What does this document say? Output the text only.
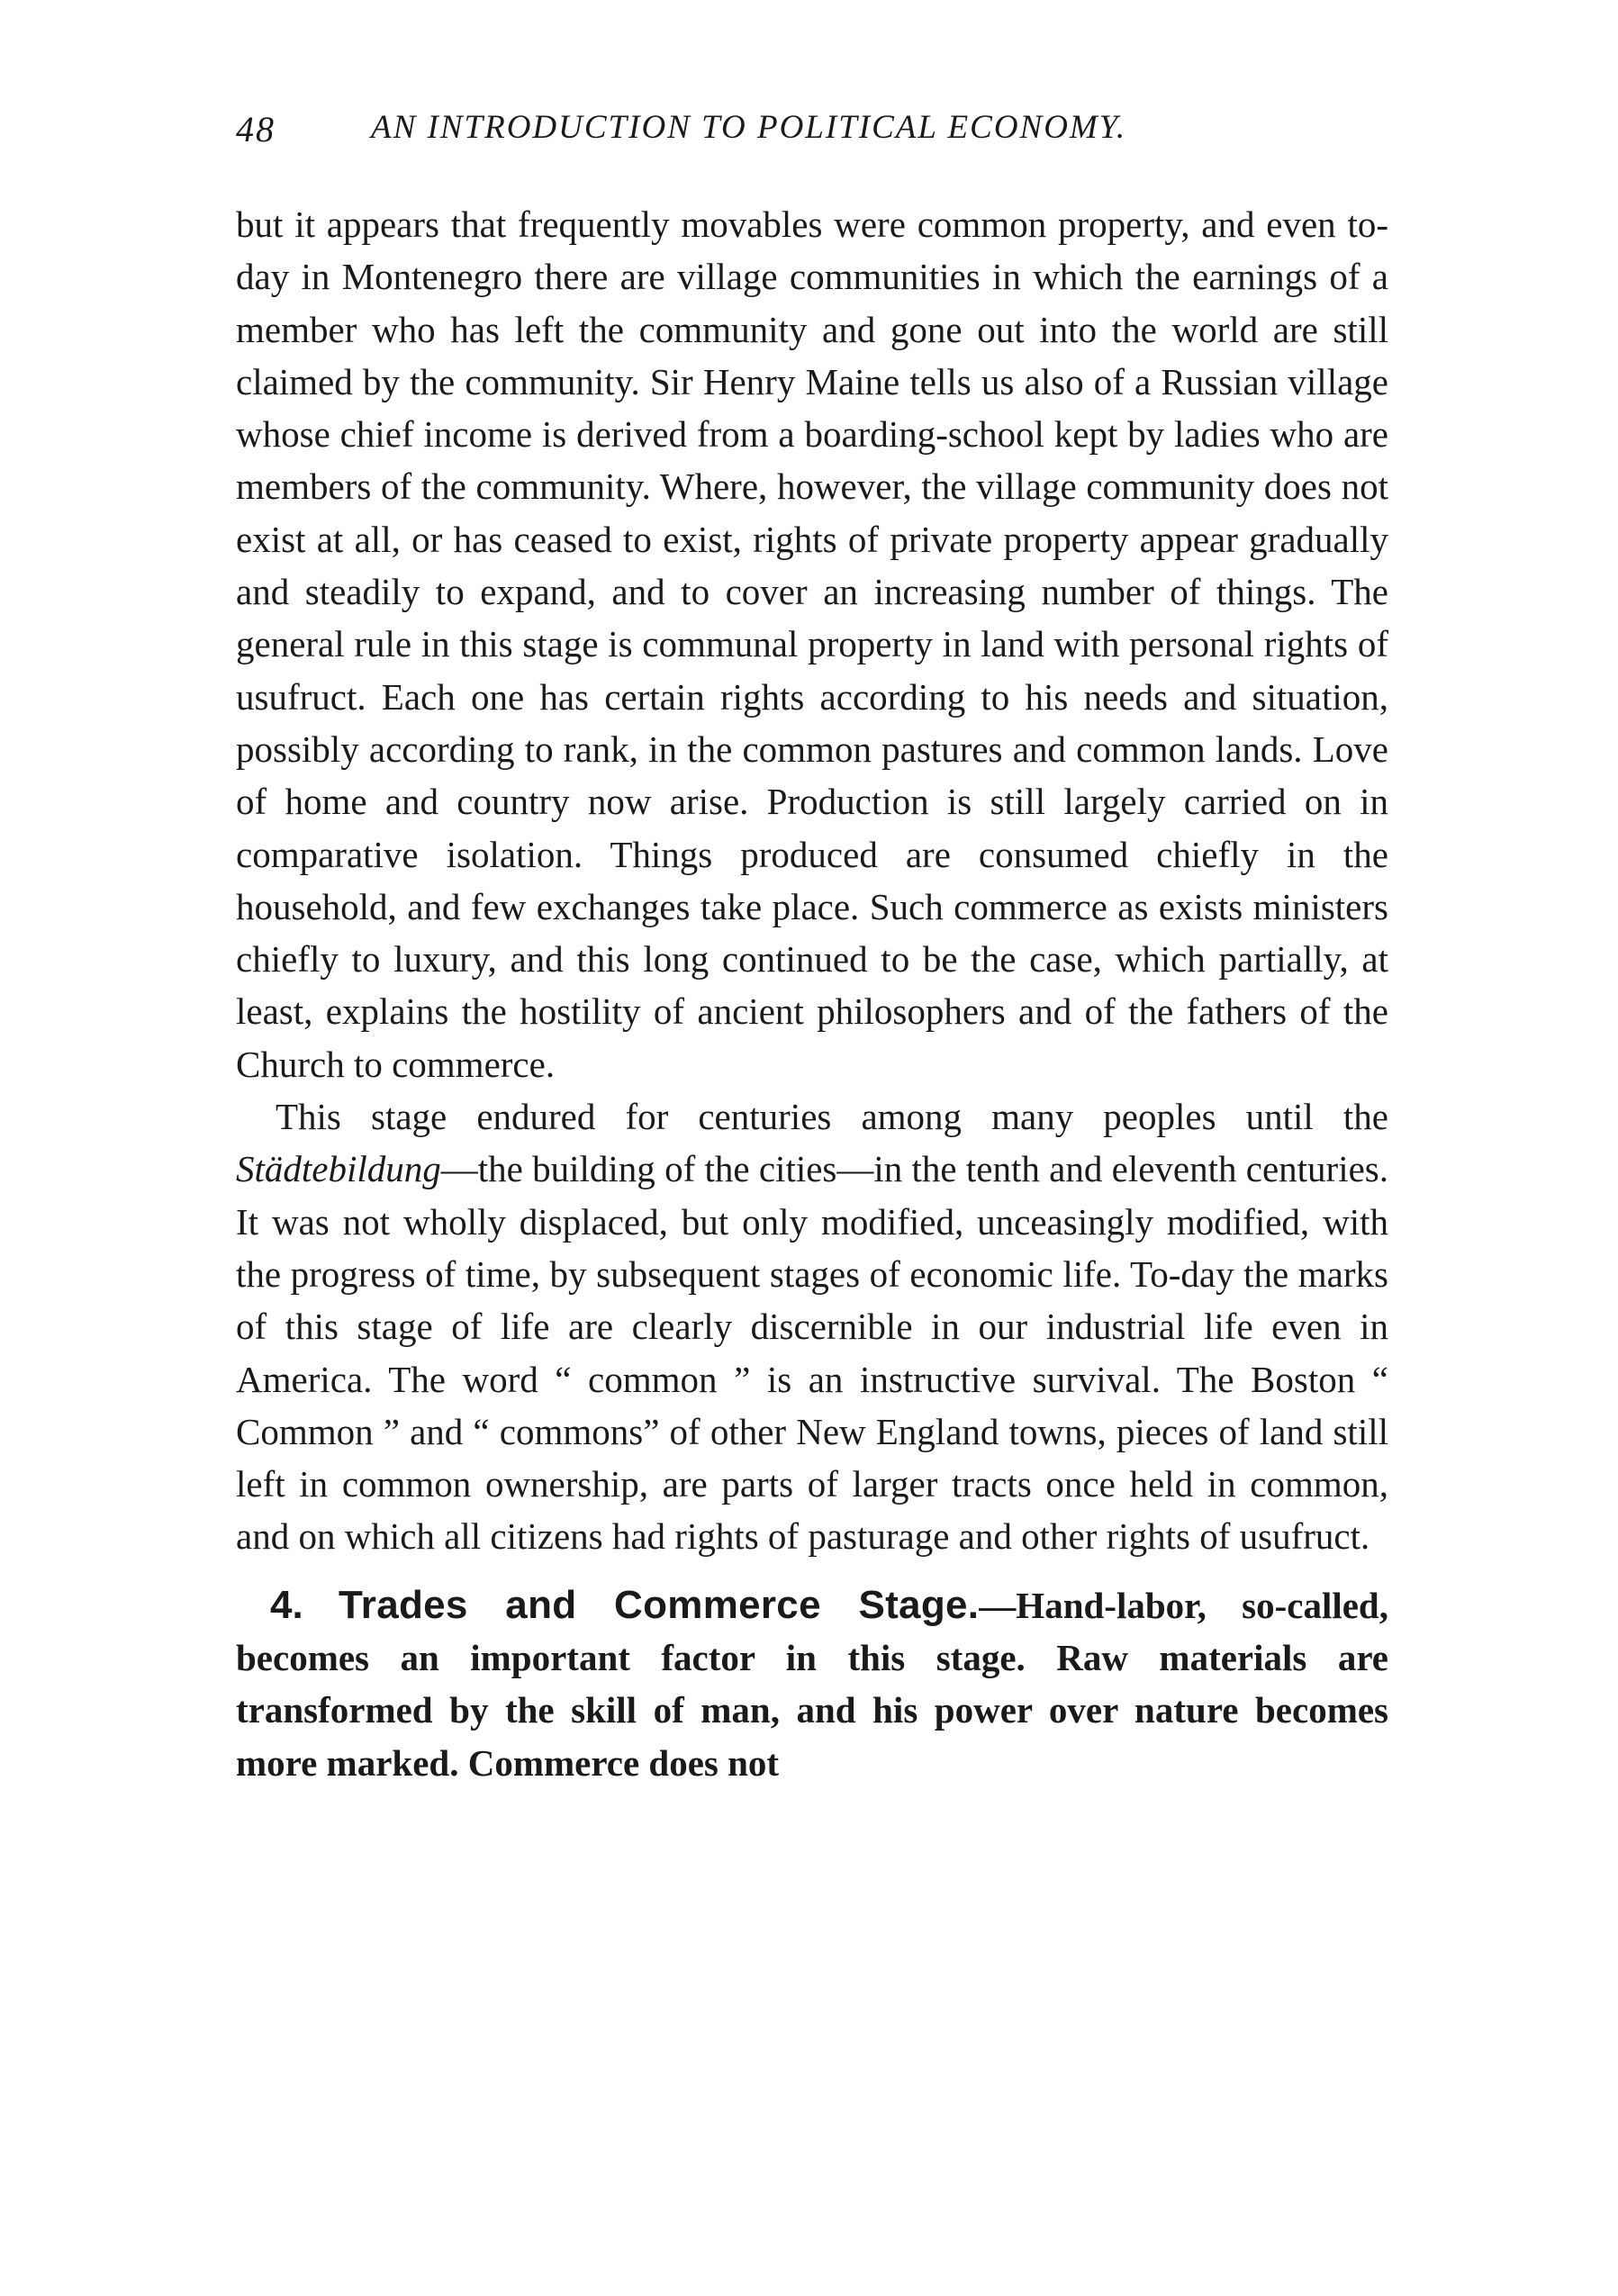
48	AN INTRODUCTION TO POLITICAL ECONOMY.

but it appears that frequently movables were common property, and even to-day in Montenegro there are village communities in which the earnings of a member who has left the community and gone out into the world are still claimed by the community. Sir Henry Maine tells us also of a Russian village whose chief income is derived from a boarding-school kept by ladies who are members of the community. Where, however, the village community does not exist at all, or has ceased to exist, rights of private property appear gradually and steadily to expand, and to cover an increasing number of things. The general rule in this stage is communal property in land with personal rights of usufruct. Each one has certain rights according to his needs and situation, possibly according to rank, in the common pastures and common lands. Love of home and country now arise. Production is still largely carried on in comparative isolation. Things produced are consumed chiefly in the household, and few exchanges take place. Such commerce as exists ministers chiefly to luxury, and this long continued to be the case, which partially, at least, explains the hostility of ancient philosophers and of the fathers of the Church to commerce.

This stage endured for centuries among many peoples until the Städtebildung—the building of the cities—in the tenth and eleventh centuries. It was not wholly displaced, but only modified, unceasingly modified, with the progress of time, by subsequent stages of economic life. To-day the marks of this stage of life are clearly discernible in our industrial life even in America. The word “ common ” is an instructive survival. The Boston “ Common ” and “ commons” of other New England towns, pieces of land still left in common ownership, are parts of larger tracts once held in common, and on which all citizens had rights of pasturage and other rights of usufruct.

4. Trades and Commerce Stage.—Hand-labor, so-called, becomes an important factor in this stage. Raw materials are transformed by the skill of man, and his power over nature becomes more marked. Commerce does not
